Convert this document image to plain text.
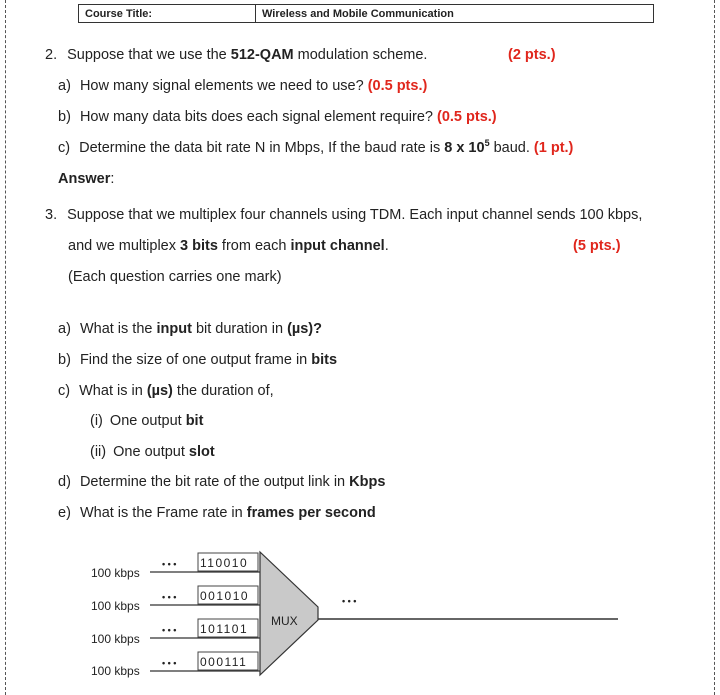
Course Title:	Wireless and Mobile Communication
2. Suppose that we use the 512-QAM modulation scheme.	(2 pts.)
a) How many signal elements we need to use? (0.5 pts.)
b) How many data bits does each signal element require? (0.5 pts.)
c) Determine the data bit rate N in Mbps, If the baud rate is 8 x $10^5$ baud. (1 pt.)
Answer:
3. Suppose that we multiplex four channels using TDM. Each input channel sends 100 kbps,
and we multiplex 3 bits from each input channel.	(5 pts.)
(Each question carries one mark)
a) What is the input bit duration in (µs)?
b) Find the size of one output frame in bits
c) What is in (µs) the duration of,
(i) One output bit
(ii) One output slot
d) Determine the bit rate of the output link in Kbps
e) What is the Frame rate in frames per second
MUX
• • •
100 kbps
• • • 110010
100 kbps
• • • 001010
100 kbps
• • • 101101
100 kbps
• • • 000111
